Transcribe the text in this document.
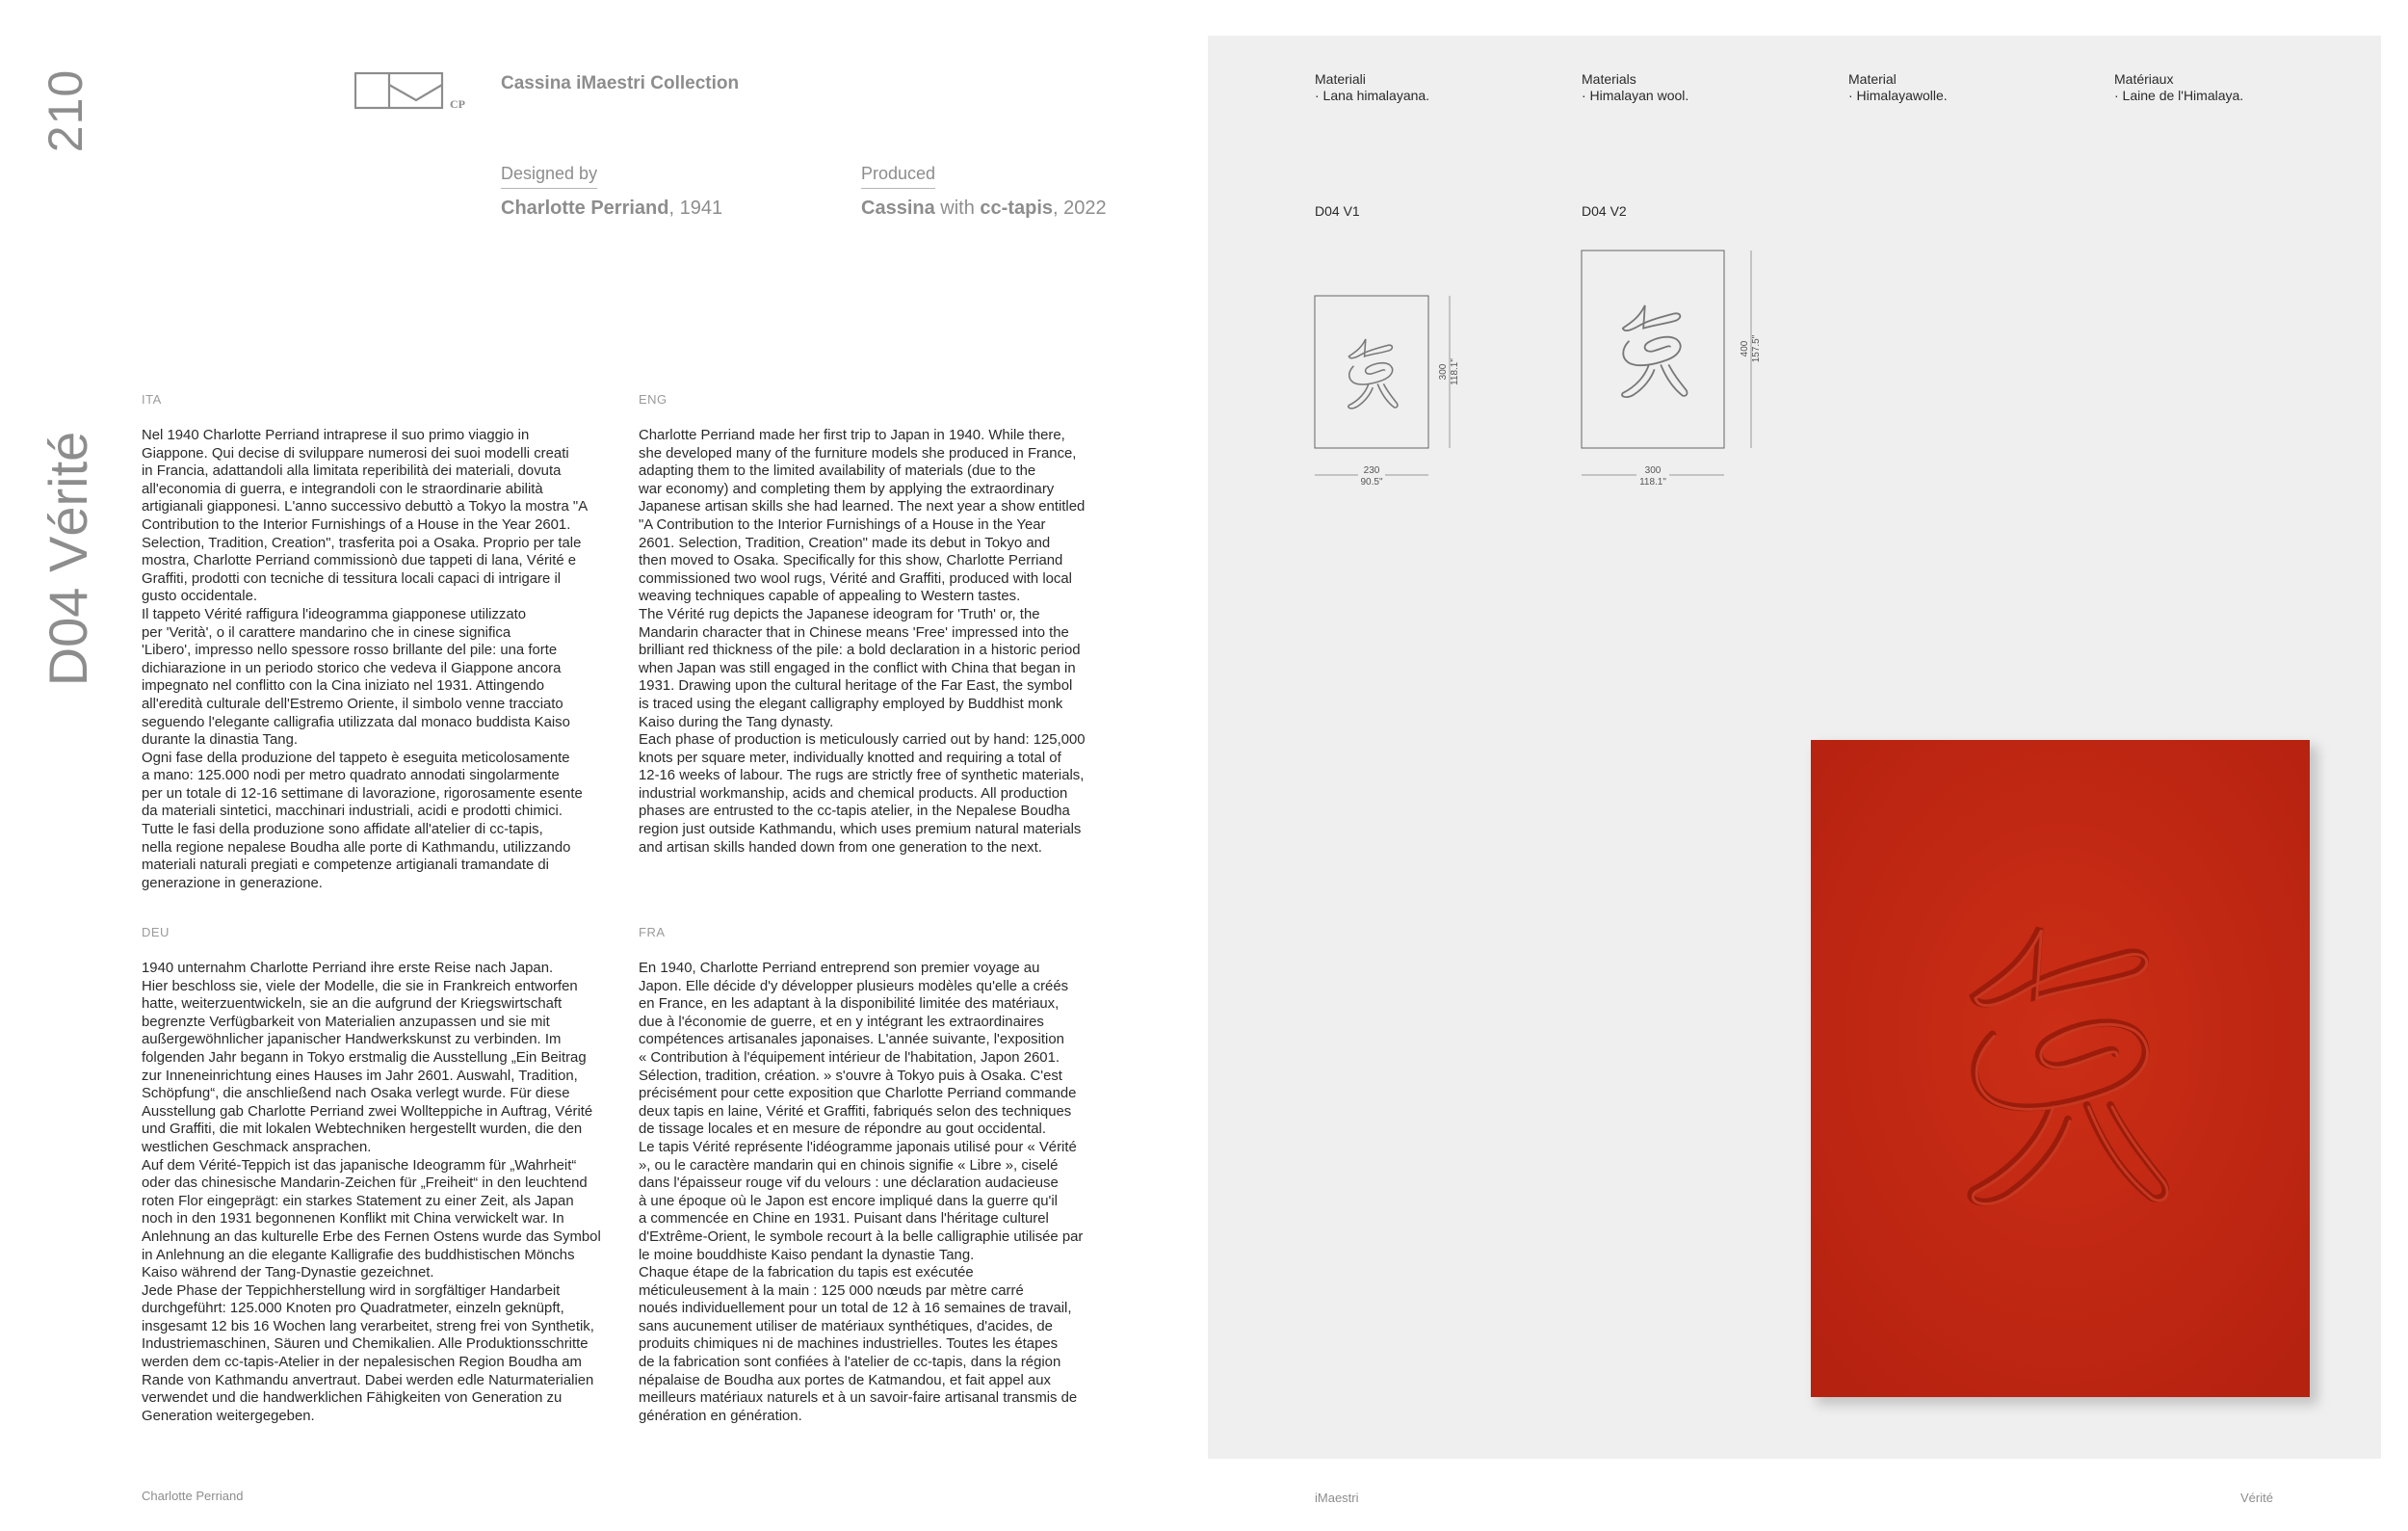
210
D04 Vérité
CP
Cassina iMaestri Collection
Designed by
Charlotte Perriand, 1941
Produced
Cassina with cc-tapis, 2022
ITA
Nel 1940 Charlotte Perriand intraprese il suo primo viaggio in
Giappone. Qui decise di sviluppare numerosi dei suoi modelli creati
in Francia, adattandoli alla limitata reperibilità dei materiali, dovuta
all'economia di guerra, e integrandoli con le straordinarie abilità
artigianali giapponesi. L'anno successivo debuttò a Tokyo la mostra "A
Contribution to the Interior Furnishings of a House in the Year 2601.
Selection, Tradition, Creation", trasferita poi a Osaka. Proprio per tale
mostra, Charlotte Perriand commissionò due tappeti di lana, Vérité e
Graffiti, prodotti con tecniche di tessitura locali capaci di intrigare il
gusto occidentale.
Il tappeto Vérité raffigura l'ideogramma giapponese utilizzato
per 'Verità', o il carattere mandarino che in cinese significa
'Libero', impresso nello spessore rosso brillante del pile: una forte
dichiarazione in un periodo storico che vedeva il Giappone ancora
impegnato nel conflitto con la Cina iniziato nel 1931. Attingendo
all'eredità culturale dell'Estremo Oriente, il simbolo venne tracciato
seguendo l'elegante calligrafia utilizzata dal monaco buddista Kaiso
durante la dinastia Tang.
Ogni fase della produzione del tappeto è eseguita meticolosamente
a mano: 125.000 nodi per metro quadrato annodati singolarmente
per un totale di 12-16 settimane di lavorazione, rigorosamente esente
da materiali sintetici, macchinari industriali, acidi e prodotti chimici.
Tutte le fasi della produzione sono affidate all'atelier di cc-tapis,
nella regione nepalese Boudha alle porte di Kathmandu, utilizzando
materiali naturali pregiati e competenze artigianali tramandate di
generazione in generazione.
ENG
Charlotte Perriand made her first trip to Japan in 1940. While there,
she developed many of the furniture models she produced in France,
adapting them to the limited availability of materials (due to the
war economy) and completing them by applying the extraordinary
Japanese artisan skills she had learned. The next year a show entitled
"A Contribution to the Interior Furnishings of a House in the Year
2601. Selection, Tradition, Creation" made its debut in Tokyo and
then moved to Osaka. Specifically for this show, Charlotte Perriand
commissioned two wool rugs, Vérité and Graffiti, produced with local
weaving techniques capable of appealing to Western tastes.
The Vérité rug depicts the Japanese ideogram for 'Truth' or, the
Mandarin character that in Chinese means 'Free' impressed into the
brilliant red thickness of the pile: a bold declaration in a historic period
when Japan was still engaged in the conflict with China that began in
1931. Drawing upon the cultural heritage of the Far East, the symbol
is traced using the elegant calligraphy employed by Buddhist monk
Kaiso during the Tang dynasty.
Each phase of production is meticulously carried out by hand: 125,000
knots per square meter, individually knotted and requiring a total of
12-16 weeks of labour. The rugs are strictly free of synthetic materials,
industrial workmanship, acids and chemical products. All production
phases are entrusted to the cc-tapis atelier, in the Nepalese Boudha
region just outside Kathmandu, which uses premium natural materials
and artisan skills handed down from one generation to the next.
DEU
1940 unternahm Charlotte Perriand ihre erste Reise nach Japan.
Hier beschloss sie, viele der Modelle, die sie in Frankreich entworfen
hatte, weiterzuentwickeln, sie an die aufgrund der Kriegswirtschaft
begrenzte Verfügbarkeit von Materialien anzupassen und sie mit
außergewöhnlicher japanischer Handwerkskunst zu verbinden. Im
folgenden Jahr begann in Tokyo erstmalig die Ausstellung „Ein Beitrag
zur Inneneinrichtung eines Hauses im Jahr 2601. Auswahl, Tradition,
Schöpfung“, die anschließend nach Osaka verlegt wurde. Für diese
Ausstellung gab Charlotte Perriand zwei Wollteppiche in Auftrag, Vérité
und Graffiti, die mit lokalen Webtechniken hergestellt wurden, die den
westlichen Geschmack ansprachen.
Auf dem Vérité-Teppich ist das japanische Ideogramm für „Wahrheit“
oder das chinesische Mandarin-Zeichen für „Freiheit“ in den leuchtend
roten Flor eingeprägt: ein starkes Statement zu einer Zeit, als Japan
noch in den 1931 begonnenen Konflikt mit China verwickelt war. In
Anlehnung an das kulturelle Erbe des Fernen Ostens wurde das Symbol
in Anlehnung an die elegante Kalligrafie des buddhistischen Mönchs
Kaiso während der Tang-Dynastie gezeichnet.
Jede Phase der Teppichherstellung wird in sorgfältiger Handarbeit
durchgeführt: 125.000 Knoten pro Quadratmeter, einzeln geknüpft,
insgesamt 12 bis 16 Wochen lang verarbeitet, streng frei von Synthetik,
Industriemaschinen, Säuren und Chemikalien. Alle Produktionsschritte
werden dem cc-tapis-Atelier in der nepalesischen Region Boudha am
Rande von Kathmandu anvertraut. Dabei werden edle Naturmaterialien
verwendet und die handwerklichen Fähigkeiten von Generation zu
Generation weitergegeben.
FRA
En 1940, Charlotte Perriand entreprend son premier voyage au
Japon. Elle décide d'y développer plusieurs modèles qu'elle a créés
en France, en les adaptant à la disponibilité limitée des matériaux,
due à l'économie de guerre, et en y intégrant les extraordinaires
compétences artisanales japonaises. L'année suivante, l'exposition
« Contribution à l'équipement intérieur de l'habitation, Japon 2601.
Sélection, tradition, création. » s'ouvre à Tokyo puis à Osaka. C'est
précisément pour cette exposition que Charlotte Perriand commande
deux tapis en laine, Vérité et Graffiti, fabriqués selon des techniques
de tissage locales et en mesure de répondre au gout occidental.
Le tapis Vérité représente l'idéogramme japonais utilisé pour « Vérité
», ou le caractère mandarin qui en chinois signifie « Libre », ciselé
dans l'épaisseur rouge vif du velours : une déclaration audacieuse
à une époque où le Japon est encore impliqué dans la guerre qu'il
a commencée en Chine en 1931. Puisant dans l'héritage culturel
d'Extrême-Orient, le symbole recourt à la belle calligraphie utilisée par
le moine bouddhiste Kaiso pendant la dynastie Tang.
Chaque étape de la fabrication du tapis est exécutée
méticuleusement à la main : 125 000 nœuds par mètre carré
noués individuellement pour un total de 12 à 16 semaines de travail,
sans aucunement utiliser de matériaux synthétiques, d'acides, de
produits chimiques ni de machines industrielles. Toutes les étapes
de la fabrication sont confiées à l'atelier de cc-tapis, dans la région
népalaise de Boudha aux portes de Katmandou, et fait appel aux
meilleurs matériaux naturels et à un savoir-faire artisanal transmis de
génération en génération.
Charlotte Perriand
Materiali
· Lana himalayana.
Materials
· Himalayan wool.
Material
· Himalayawolle.
Matériaux
· Laine de l'Himalaya.
D04 V1	D04 V2
300 118.1"
230
90.5"
400 157.5"
300
118.1"
iMaestri	Vérité
